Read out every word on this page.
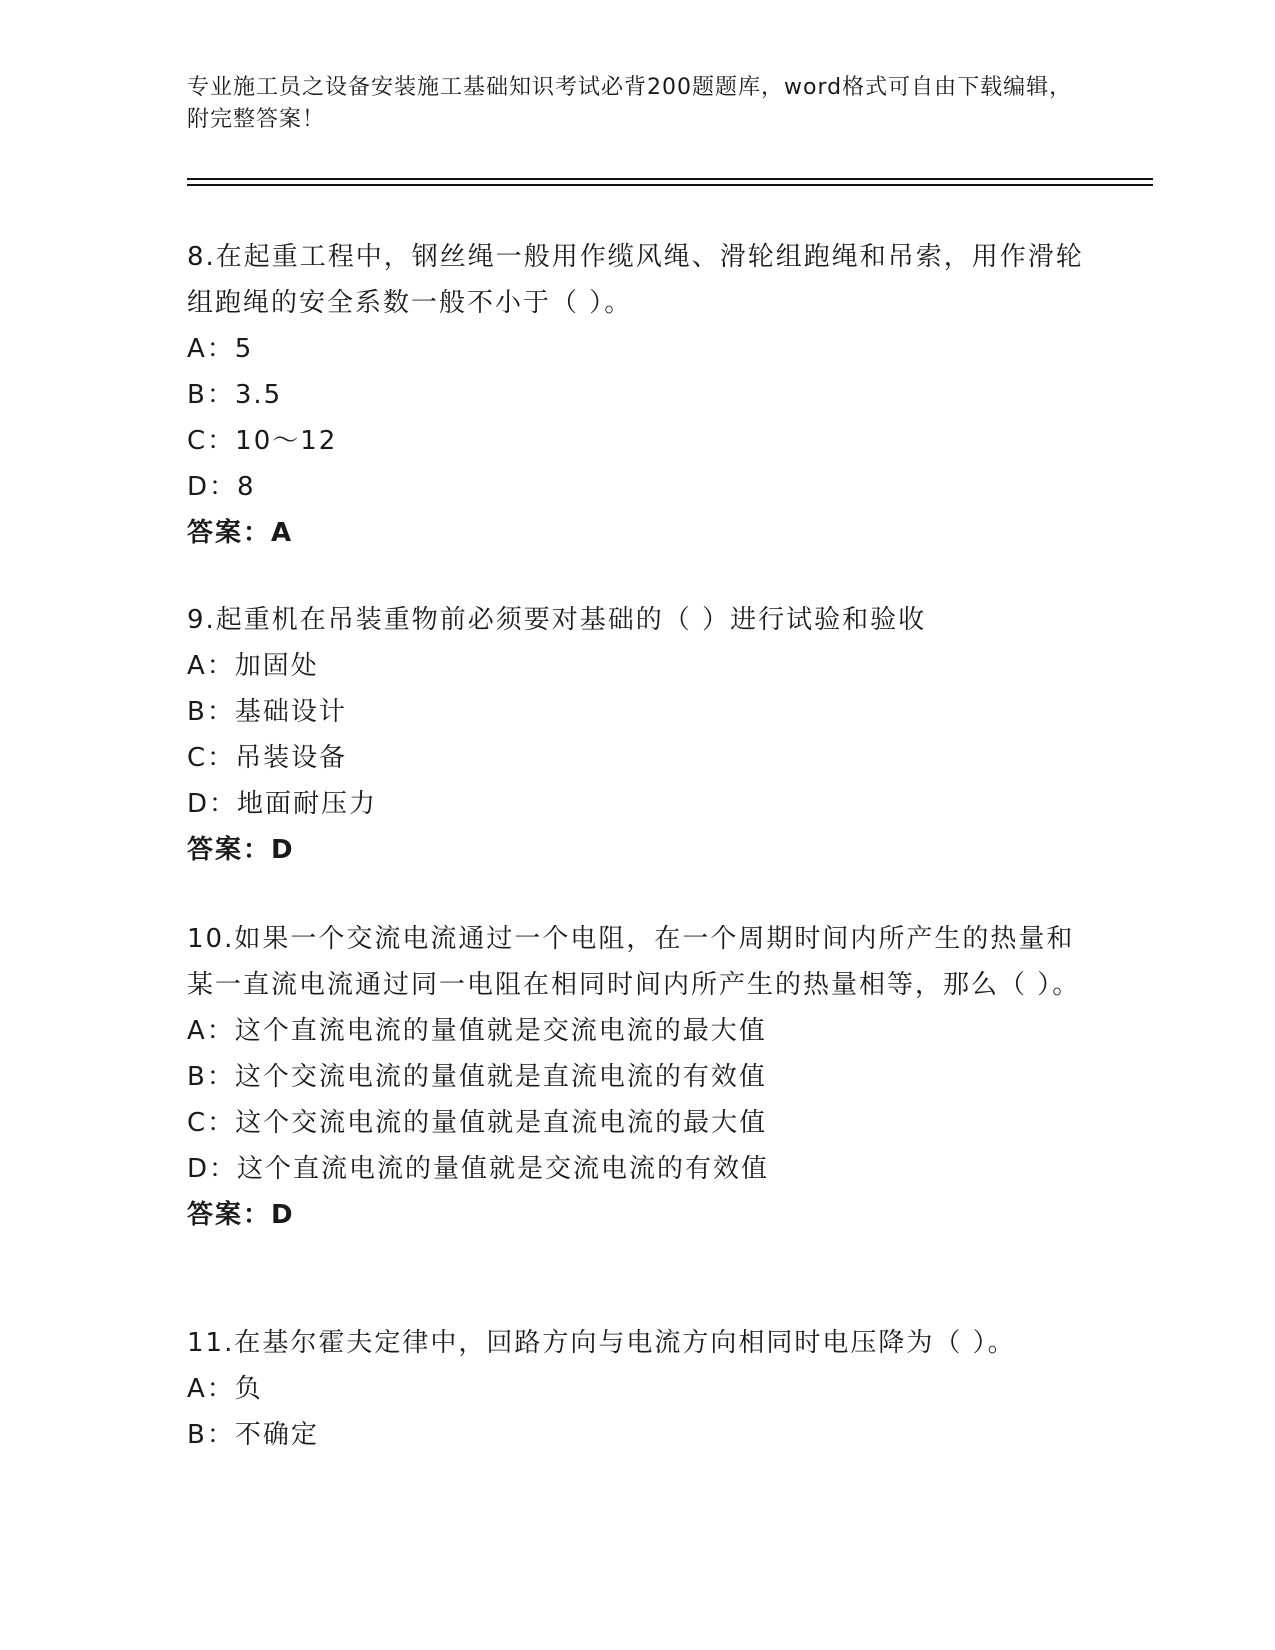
专业施工员之设备安装施工基础知识考试必背200题题库，word格式可自由下载编辑，附完整答案！
8.在起重工程中，钢丝绳一般用作缆风绳、滑轮组跑绳和吊索，用作滑轮组跑绳的安全系数一般不小于（ ）。
A：5
B：3.5
C：10～12
D：8
答案：A
9.起重机在吊装重物前必须要对基础的（ ）进行试验和验收
A：加固处
B：基础设计
C：吊装设备
D：地面耐压力
答案：D
10.如果一个交流电流通过一个电阻，在一个周期时间内所产生的热量和某一直流电流通过同一电阻在相同时间内所产生的热量相等，那么（ ）。
A：这个直流电流的量值就是交流电流的最大值
B：这个交流电流的量值就是直流电流的有效值
C：这个交流电流的量值就是直流电流的最大值
D：这个直流电流的量值就是交流电流的有效值
答案：D
11.在基尔霍夫定律中，回路方向与电流方向相同时电压降为（ ）。
A：负
B：不确定
